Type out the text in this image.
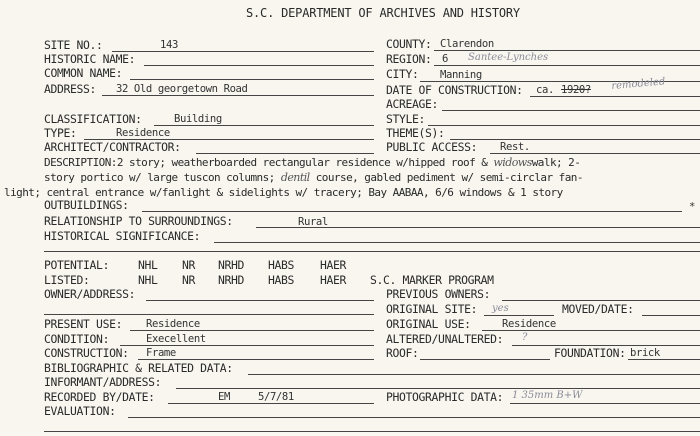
S.C. DEPARTMENT OF ARCHIVES AND HISTORY
SITE NO.:	143
HISTORIC NAME:
COMMON NAME:
ADDRESS: 32 Old georgetown Road
COUNTY: Clarendon
REGION: 6 Santee-Lynches
CITY: Manning
DATE OF CONSTRUCTION: ca. 1920? remodeled
ACREAGE:
CLASSIFICATION:	Building
TYPE:	Residence
ARCHITECT/CONTRACTOR:
STYLE:
THEME(S):
PUBLIC ACCESS: Rest.
DESCRIPTION:2 story; weatherboarded rectangular residence w/hipped roof & widowswalk; 2-
story portico w/ large tuscon columns; dentil course, gabled pediment w/ semi-circlar fan-
light; central entrance w/fanlight & sidelights w/ tracery; Bay AABAA, 6/6 windows & 1 story
OUTBUILDINGS:	*
RELATIONSHIP TO SURROUNDINGS:	Rural
HISTORICAL SIGNIFICANCE:
POTENTIAL:	NHL NR NRHD HABS HAER
LISTED:	NHL NR NRHD HABS HAER S.C. MARKER PROGRAM
OWNER/ADDRESS:	PREVIOUS OWNERS:
ORIGINAL SITE: yes	MOVED/DATE:
PRESENT USE: Residence	ORIGINAL USE:	Residence
CONDITION:	Execellent	ALTERED/UNALTERED: ?
CONSTRUCTION: Frame	ROOF:	FOUNDATION: brick
BIBLIOGRAPHIC & RELATED DATA:
INFORMANT/ADDRESS:
RECORDED BY/DATE:	EM	5/7/81	PHOTOGRAPHIC DATA: 1 35mm B+W
EVALUATION:
